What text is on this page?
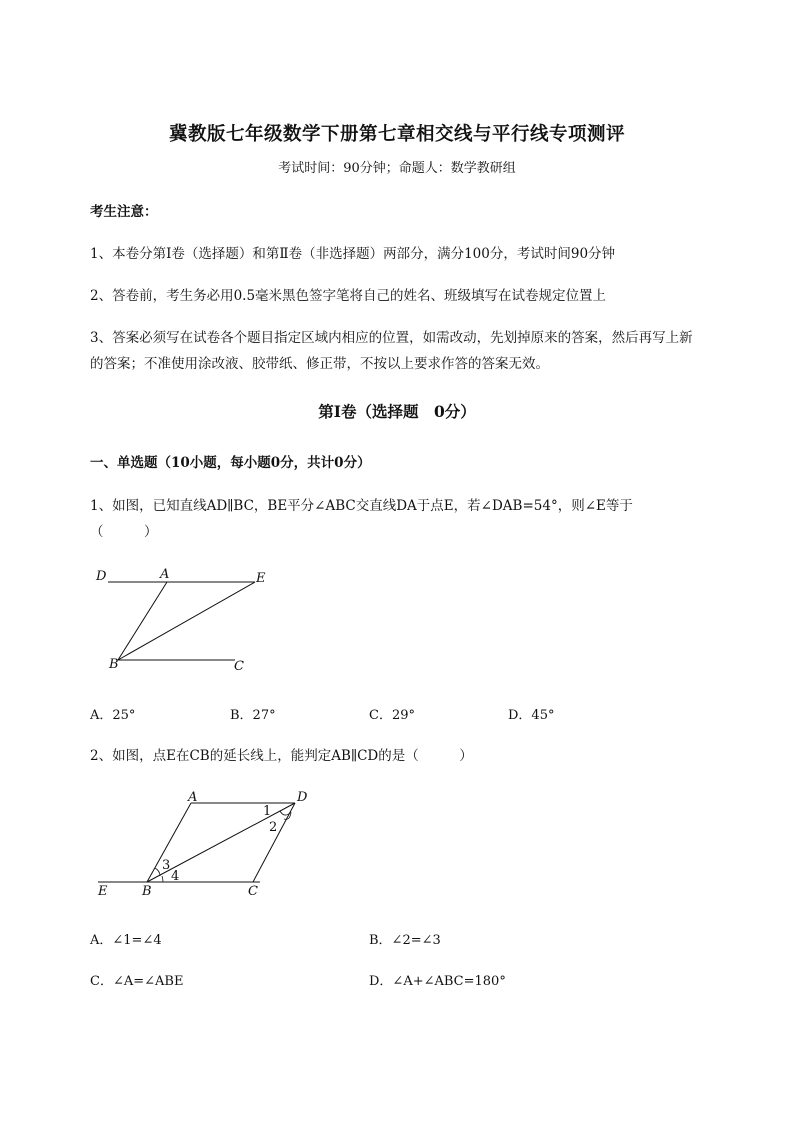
冀教版七年级数学下册第七章相交线与平行线专项测评
考试时间：90分钟；命题人：数学教研组
考生注意：
1、本卷分第I卷（选择题）和第Ⅱ卷（非选择题）两部分，满分100分，考试时间90分钟
2、答卷前，考生务必用0.5毫米黑色签字笔将自己的姓名、班级填写在试卷规定位置上
3、答案必须写在试卷各个题目指定区域内相应的位置，如需改动，先划掉原来的答案，然后再写上新
的答案；不准使用涂改液、胶带纸、修正带，不按以上要求作答的答案无效。
第I卷（选择题　0分）
一、单选题（10小题，每小题0分，共计0分）
1、如图，已知直线AD∥BC，BE平分∠ABC交直线DA于点E，若∠DAB=54°，则∠E等于
（　　　）
D	A	E
B	C
A．25°	B．27°	C．29°	D．45°
2、如图，点E在CB的延长线上，能判定AB∥CD的是（　　　）
A	D
E	B	C
1
2
3
4
A．∠1=∠4	B．∠2=∠3
C．∠A=∠ABE	D．∠A+∠ABC=180°
